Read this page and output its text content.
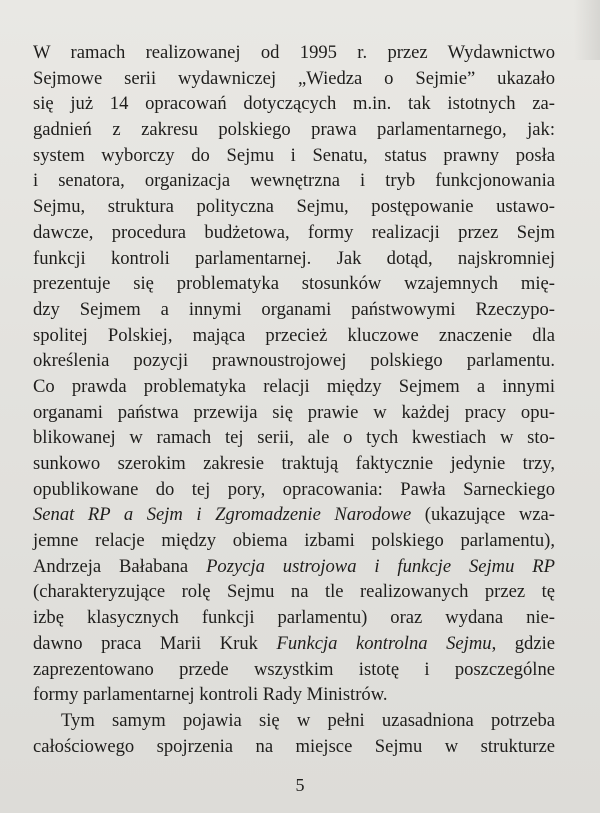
W ramach realizowanej od 1995 r. przez Wydawnictwo
Sejmowe serii wydawniczej „Wiedza o Sejmie” ukazało
się już 14 opracowań dotyczących m.in. tak istotnych za-
gadnień z zakresu polskiego prawa parlamentarnego, jak:
system wyborczy do Sejmu i Senatu, status prawny posła
i senatora, organizacja wewnętrzna i tryb funkcjonowania
Sejmu, struktura polityczna Sejmu, postępowanie ustawo-
dawcze, procedura budżetowa, formy realizacji przez Sejm
funkcji kontroli parlamentarnej. Jak dotąd, najskromniej
prezentuje się problematyka stosunków wzajemnych mię-
dzy Sejmem a innymi organami państwowymi Rzeczypo-
spolitej Polskiej, mająca przecież kluczowe znaczenie dla
określenia pozycji prawnoustrojowej polskiego parlamentu.
Co prawda problematyka relacji między Sejmem a innymi
organami państwa przewija się prawie w każdej pracy opu-
blikowanej w ramach tej serii, ale o tych kwestiach w sto-
sunkowo szerokim zakresie traktują faktycznie jedynie trzy,
opublikowane do tej pory, opracowania: Pawła Sarneckiego
Senat RP a Sejm i Zgromadzenie Narodowe (ukazujące wza-
jemne relacje między obiema izbami polskiego parlamentu),
Andrzeja Bałabana Pozycja ustrojowa i funkcje Sejmu RP
(charakteryzujące rolę Sejmu na tle realizowanych przez tę
izbę klasycznych funkcji parlamentu) oraz wydana nie-
dawno praca Marii Kruk Funkcja kontrolna Sejmu, gdzie
zaprezentowano przede wszystkim istotę i poszczególne
formy parlamentarnej kontroli Rady Ministrów.
Tym samym pojawia się w pełni uzasadniona potrzeba
całościowego spojrzenia na miejsce Sejmu w strukturze
5
